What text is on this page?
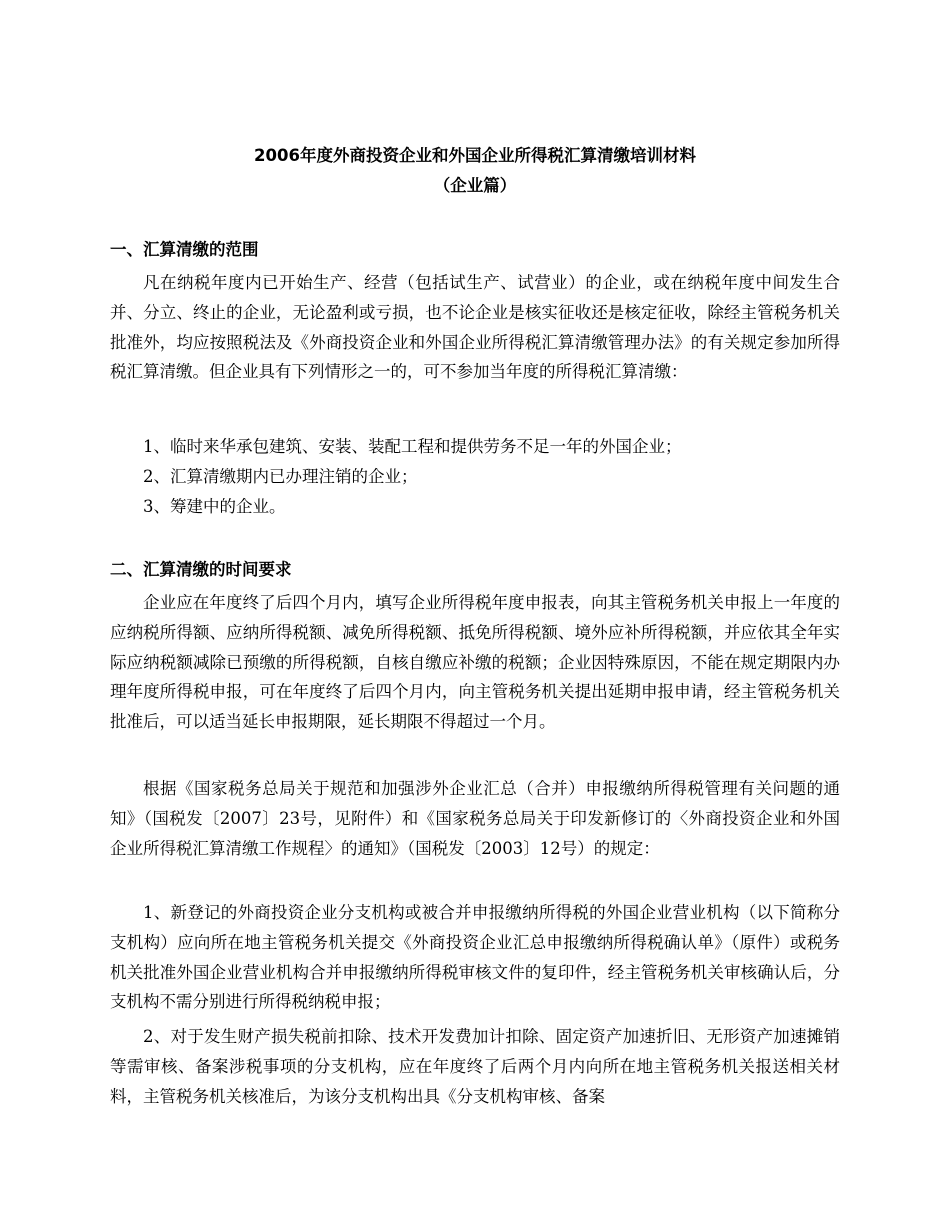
2006年度外商投资企业和外国企业所得税汇算清缴培训材料
（企业篇）
一、汇算清缴的范围

凡在纳税年度内已开始生产、经营（包括试生产、试营业）的企业，或在纳税年度中间发生合并、分立、终止的企业，无论盈利或亏损，也不论企业是核实征收还是核定征收，除经主管税务机关批准外，均应按照税法及《外商投资企业和外国企业所得税汇算清缴管理办法》的有关规定参加所得税汇算清缴。但企业具有下列情形之一的，可不参加当年度的所得税汇算清缴：

1、临时来华承包建筑、安装、装配工程和提供劳务不足一年的外国企业；

2、汇算清缴期内已办理注销的企业；

3、筹建中的企业。

二、汇算清缴的时间要求

企业应在年度终了后四个月内，填写企业所得税年度申报表，向其主管税务机关申报上一年度的应纳税所得额、应纳所得税额、减免所得税额、抵免所得税额、境外应补所得税额，并应依其全年实际应纳税额减除已预缴的所得税额，自核自缴应补缴的税额；企业因特殊原因，不能在规定期限内办理年度所得税申报，可在年度终了后四个月内，向主管税务机关提出延期申报申请，经主管税务机关批准后，可以适当延长申报期限，延长期限不得超过一个月。

根据《国家税务总局关于规范和加强涉外企业汇总（合并）申报缴纳所得税管理有关问题的通知》（国税发〔2007〕23号，见附件）和《国家税务总局关于印发新修订的〈外商投资企业和外国企业所得税汇算清缴工作规程〉的通知》（国税发〔2003〕12号）的规定：

1、新登记的外商投资企业分支机构或被合并申报缴纳所得税的外国企业营业机构（以下简称分支机构）应向所在地主管税务机关提交《外商投资企业汇总申报缴纳所得税确认单》（原件）或税务机关批准外国企业营业机构合并申报缴纳所得税审核文件的复印件，经主管税务机关审核确认后，分支机构不需分别进行所得税纳税申报；

2、对于发生财产损失税前扣除、技术开发费加计扣除、固定资产加速折旧、无形资产加速摊销等需审核、备案涉税事项的分支机构，应在年度终了后两个月内向所在地主管税务机关报送相关材料，主管税务机关核准后，为该分支机构出具《分支机构审核、备案
